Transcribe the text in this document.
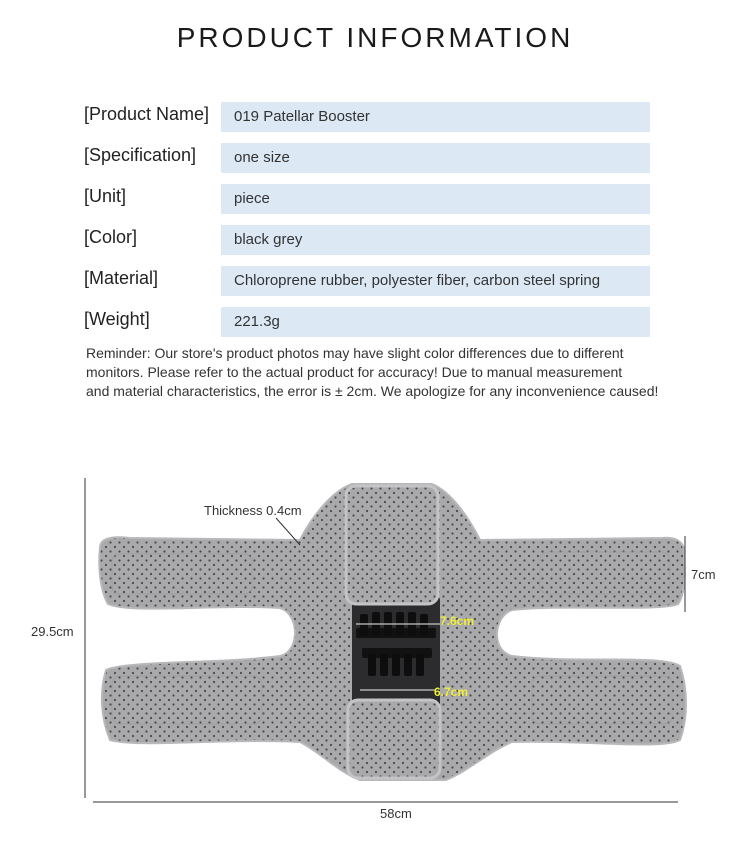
PRODUCT INFORMATION
[Product Name]	019 Patellar Booster
[Specification]	one size
[Unit]	piece
[Color]	black grey
[Material]	Chloroprene rubber, polyester fiber, carbon steel spring
[Weight]	221.3g
Reminder: Our store's product photos may have slight color differences due to different
monitors. Please refer to the actual product for accuracy! Due to manual measurement
and material characteristics, the error is ± 2cm. We apologize for any inconvenience caused!
Thickness 0.4cm
29.5cm
58cm
7cm
7.6cm
6.7cm
